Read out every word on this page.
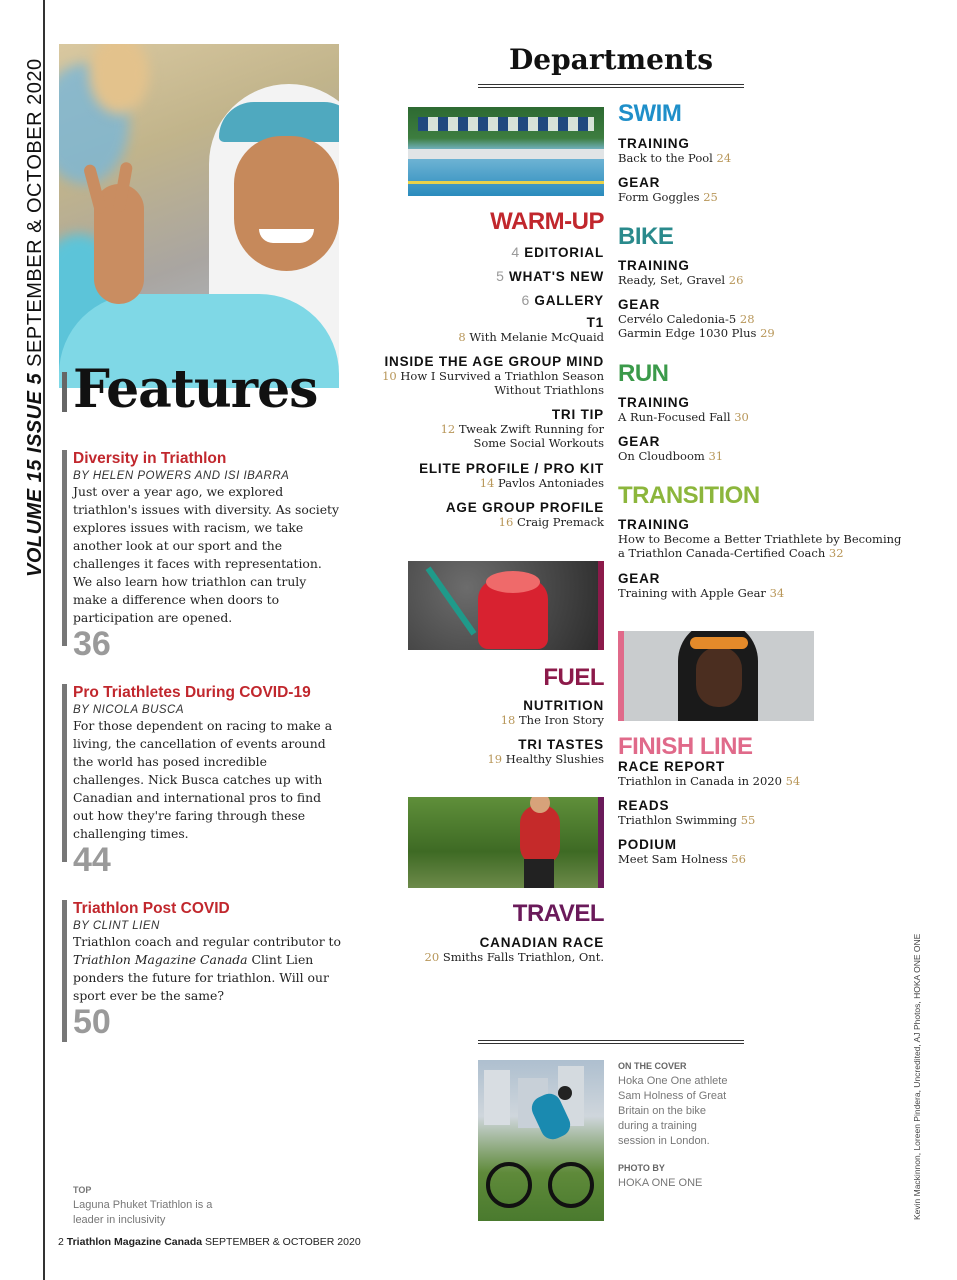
VOLUME 15 ISSUE 5 SEPTEMBER & OCTOBER 2020
Features
Diversity in Triathlon
BY HELEN POWERS AND ISI IBARRA
Just over a year ago, we explored triathlon's issues with diversity. As society explores issues with racism, we take another look at our sport and the challenges it faces with representation. We also learn how triathlon can truly make a difference when doors to participation are opened.
36
Pro Triathletes During COVID-19
BY NICOLA BUSCA
For those dependent on racing to make a living, the cancellation of events around the world has posed incredible challenges. Nick Busca catches up with Canadian and international pros to find out how they're faring through these challenging times.
44
Triathlon Post COVID
BY CLINT LIEN
Triathlon coach and regular contributor to Triathlon Magazine Canada Clint Lien ponders the future for triathlon. Will our sport ever be the same?
50
TOP
Laguna Phuket Triathlon is a leader in inclusivity
2 Triathlon Magazine Canada SEPTEMBER & OCTOBER 2020
Departments
WARM-UP
4 EDITORIAL
5 WHAT'S NEW
6 GALLERY
T1
8 With Melanie McQuaid
INSIDE THE AGE GROUP MIND
10 How I Survived a Triathlon Season
Without Triathlons
TRI TIP
12 Tweak Zwift Running for
Some Social Workouts
ELITE PROFILE / PRO KIT
14 Pavlos Antoniades
AGE GROUP PROFILE
16 Craig Premack
FUEL
NUTRITION
18 The Iron Story
TRI TASTES
19 Healthy Slushies
TRAVEL
CANADIAN RACE
20 Smiths Falls Triathlon, Ont.
SWIM
TRAINING
Back to the Pool 24
GEAR
Form Goggles 25
BIKE
TRAINING
Ready, Set, Gravel 26
GEAR
Cervélo Caledonia-5 28
Garmin Edge 1030 Plus 29
RUN
TRAINING
A Run-Focused Fall 30
GEAR
On Cloudboom 31
TRANSITION
TRAINING
How to Become a Better Triathlete by Becoming
a Triathlon Canada-Certified Coach 32
GEAR
Training with Apple Gear 34
FINISH LINE
RACE REPORT
Triathlon in Canada in 2020 54
READS
Triathlon Swimming 55
PODIUM
Meet Sam Holness 56
ON THE COVER
Hoka One One athlete Sam Holness of Great Britain on the bike during a training session in London.
PHOTO BY
HOKA ONE ONE	Kevin Mackinnon, Loreen Pindera, Uncredited, AJ Photos, HOKA ONE ONE
